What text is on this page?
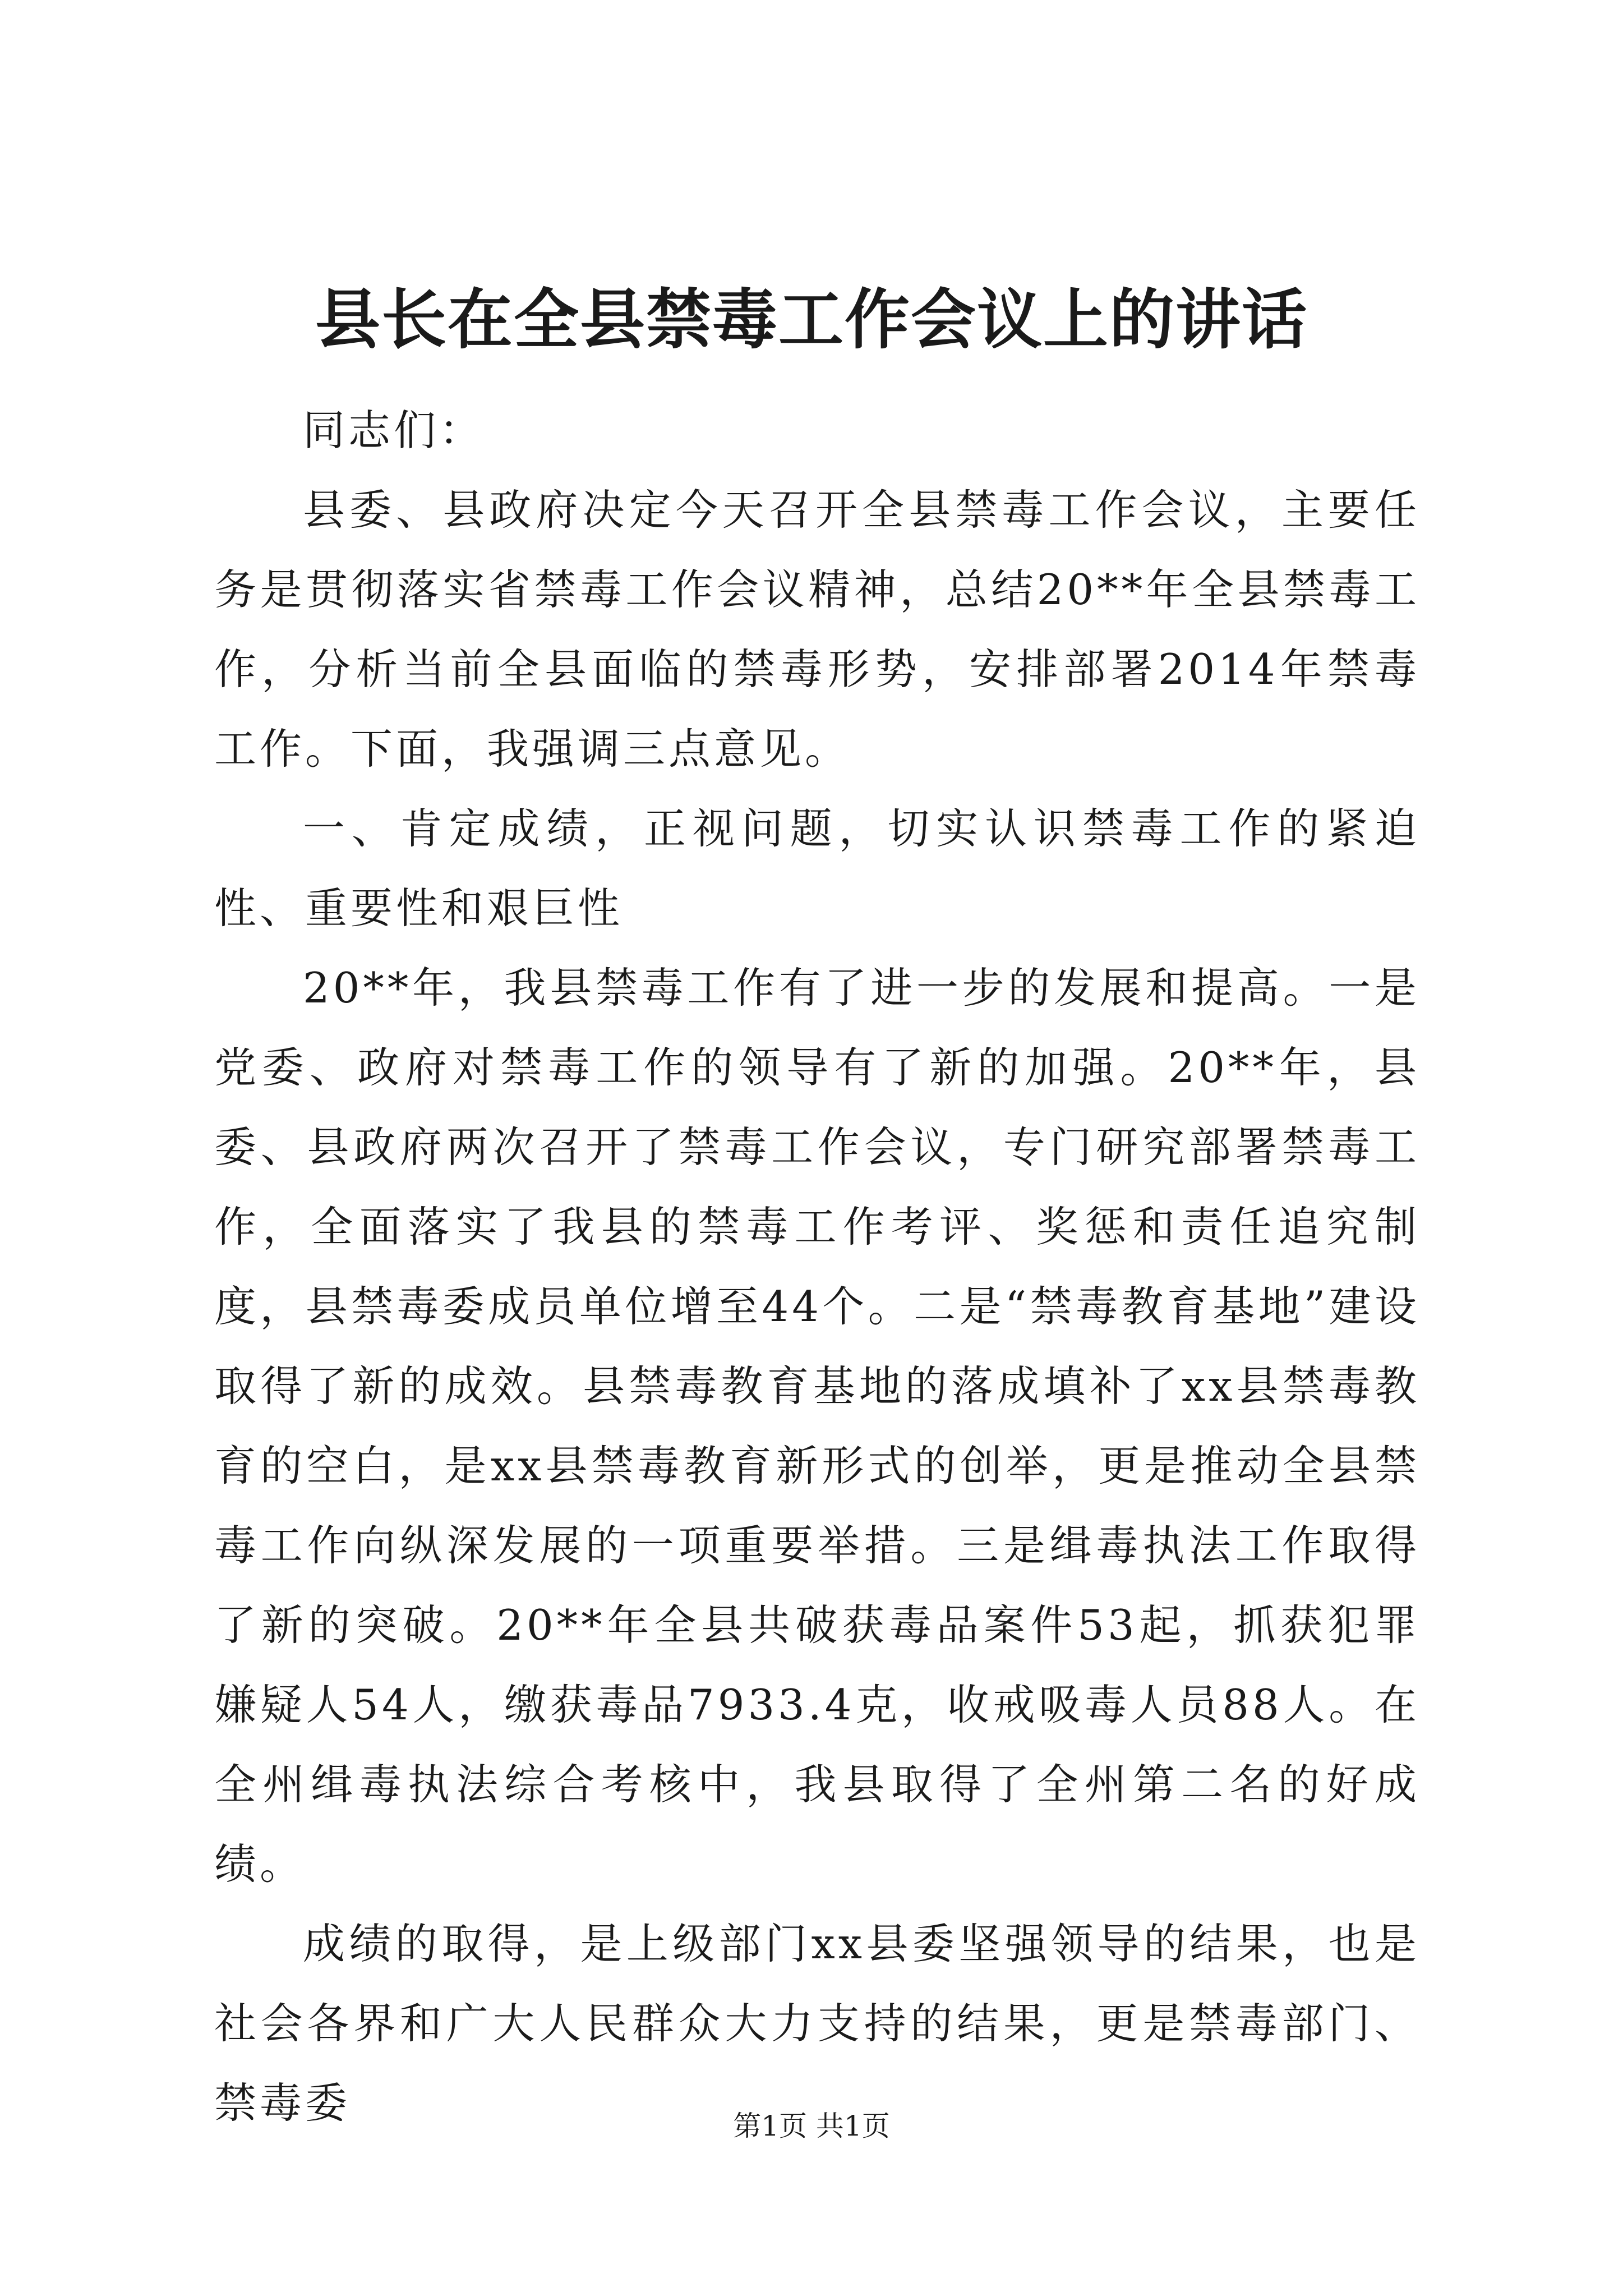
县长在全县禁毒工作会议上的讲话

同志们：

县委、县政府决定今天召开全县禁毒工作会议，主要任务是贯彻落实省禁毒工作会议精神，总结20**年全县禁毒工作，分析当前全县面临的禁毒形势，安排部署2014年禁毒工作。下面，我强调三点意见。

一、肯定成绩，正视问题，切实认识禁毒工作的紧迫性、重要性和艰巨性

20**年，我县禁毒工作有了进一步的发展和提高。一是党委、政府对禁毒工作的领导有了新的加强。20**年，县委、县政府两次召开了禁毒工作会议，专门研究部署禁毒工作，全面落实了我县的禁毒工作考评、奖惩和责任追究制度，县禁毒委成员单位增至44个。二是“禁毒教育基地”建设取得了新的成效。县禁毒教育基地的落成填补了xx县禁毒教育的空白，是xx县禁毒教育新形式的创举，更是推动全县禁毒工作向纵深发展的一项重要举措。三是缉毒执法工作取得了新的突破。20**年全县共破获毒品案件53起，抓获犯罪嫌疑人54人，缴获毒品7933.4克，收戒吸毒人员88人。在全州缉毒执法综合考核中，我县取得了全州第二名的好成绩。

成绩的取得，是上级部门xx县委坚强领导的结果，也是社会各界和广大人民群众大力支持的结果，更是禁毒部门、禁毒委	第1页 共1页
